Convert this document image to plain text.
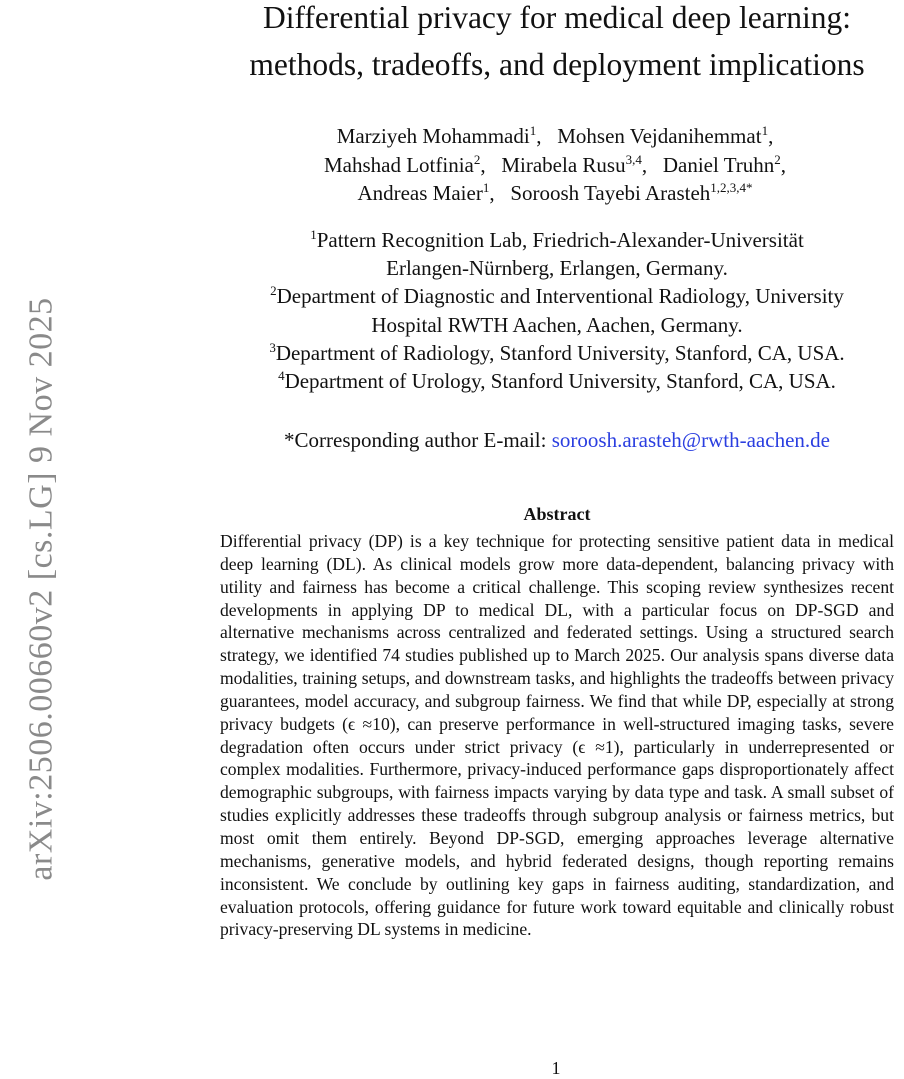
arXiv:2506.00660v2 [cs.LG] 9 Nov 2025
Differential privacy for medical deep learning:
methods, tradeoffs, and deployment implications
Marziyeh Mohammadi$^1$, Mohsen Vejdanihemmat$^1$,
Mahshad Lotfinia$^2$, Mirabela Rusu$^{3,4}$, Daniel Truhn$^2$,
Andreas Maier$^1$, Soroosh Tayebi Arasteh$^{1,2,3,4*}$
$^1$Pattern Recognition Lab, Friedrich-Alexander-Universität
Erlangen-Nürnberg, Erlangen, Germany.
$^2$Department of Diagnostic and Interventional Radiology, University
Hospital RWTH Aachen, Aachen, Germany.
$^3$Department of Radiology, Stanford University, Stanford, CA, USA.
$^4$Department of Urology, Stanford University, Stanford, CA, USA.
*Corresponding author E-mail: soroosh.arasteh@rwth-aachen.de
Abstract

Differential privacy (DP) is a key technique for protecting sensitive patient data in medical deep learning (DL). As clinical models grow more data-dependent, balancing privacy with utility and fairness has become a critical challenge. This scoping review synthesizes recent developments in applying DP to medical DL, with a particular focus on DP-SGD and alternative mechanisms across centralized and federated settings. Using a structured search strategy, we identified 74 studies published up to March 2025. Our analysis spans diverse data modalities, training setups, and downstream tasks, and highlights the tradeoffs between privacy guarantees, model accuracy, and subgroup fairness. We find that while DP, especially at strong privacy budgets (ϵ ≈10), can preserve performance in well-structured imaging tasks, severe degradation often occurs under strict privacy (ϵ ≈1), particularly in underrepresented or complex modalities. Furthermore, privacy-induced performance gaps disproportionately affect demographic subgroups, with fairness impacts varying by data type and task. A small subset of studies explicitly addresses these tradeoffs through subgroup analysis or fairness metrics, but most omit them entirely. Beyond DP-SGD, emerging approaches leverage alternative mechanisms, generative models, and hybrid federated designs, though reporting remains inconsistent. We conclude by outlining key gaps in fairness auditing, standardization, and evaluation protocols, offering guidance for future work toward equitable and clinically robust privacy-preserving DL systems in medicine.

1
